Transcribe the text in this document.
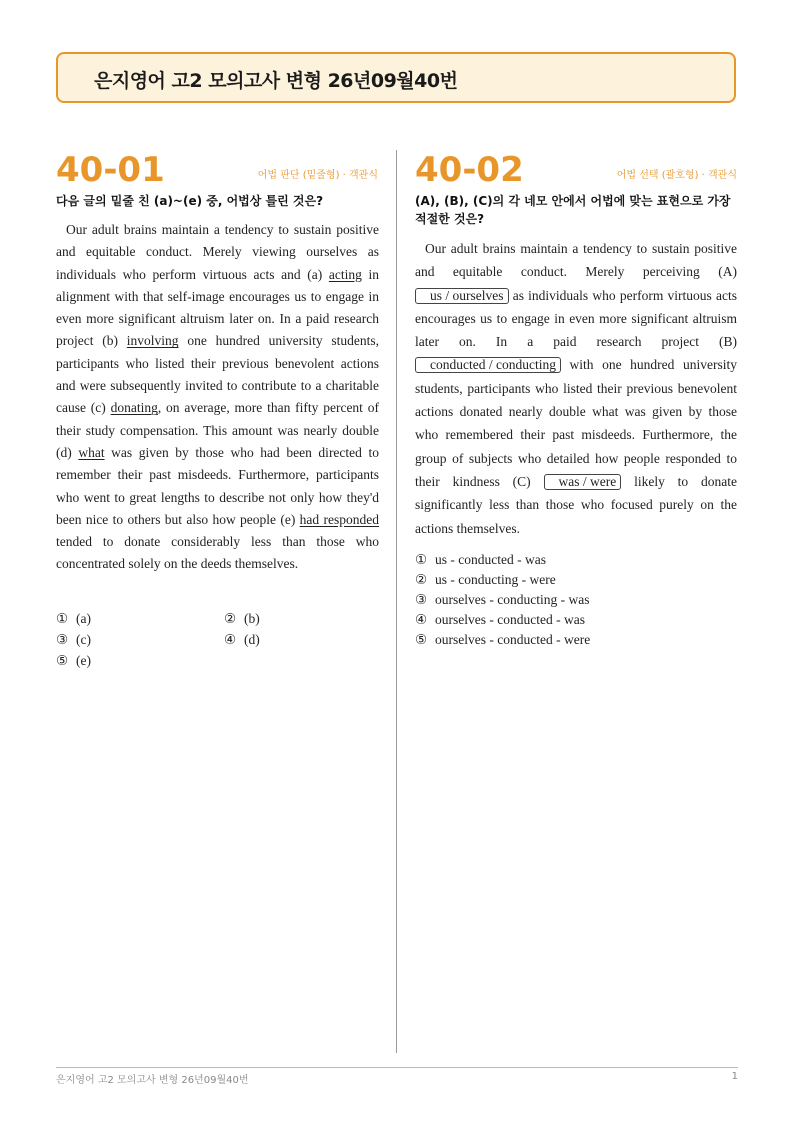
은지영어 고2 모의고사 변형 26년09월40번
40-01	어법 판단 (밑줄형) · 객관식
다음 글의 밑줄 친 (a)~(e) 중, 어법상 틀린 것은?

Our adult brains maintain a tendency to sustain positive and equitable conduct. Merely viewing ourselves as individuals who perform virtuous acts and (a) acting in alignment with that self-image encourages us to engage in even more significant altruism later on. In a paid research project (b) involving one hundred university students, participants who listed their previous benevolent actions and were subsequently invited to contribute to a charitable cause (c) donating, on average, more than fifty percent of their study compensation. This amount was nearly double (d) what was given by those who had been directed to remember their past misdeeds. Furthermore, participants who went to great lengths to describe not only how they'd been nice to others but also how people (e) had responded tended to donate considerably less than those who concentrated solely on the deeds themselves.

① (a)	② (b)
③ (c)	④ (d)
⑤ (e)
40-02	어법 선택 (괄호형) · 객관식
(A), (B), (C)의 각 네모 안에서 어법에 맞는 표현으로 가장 적절한 것은?

Our adult brains maintain a tendency to sustain positive and equitable conduct. Merely perceiving (A) us / ourselves as individuals who perform virtuous acts encourages us to engage in even more significant altruism later on. In a paid research project (B) conducted / conducting with one hundred university students, participants who listed their previous benevolent actions donated nearly double what was given by those who remembered their past misdeeds. Furthermore, the group of subjects who detailed how people responded to their kindness (C) was / were likely to donate significantly less than those who focused purely on the actions themselves.

① us - conducted - was
② us - conducting - were
③ ourselves - conducting - was
④ ourselves - conducted - was
⑤ ourselves - conducted - were
은지영어 고2 모의고사 변형 26년09월40번	1
